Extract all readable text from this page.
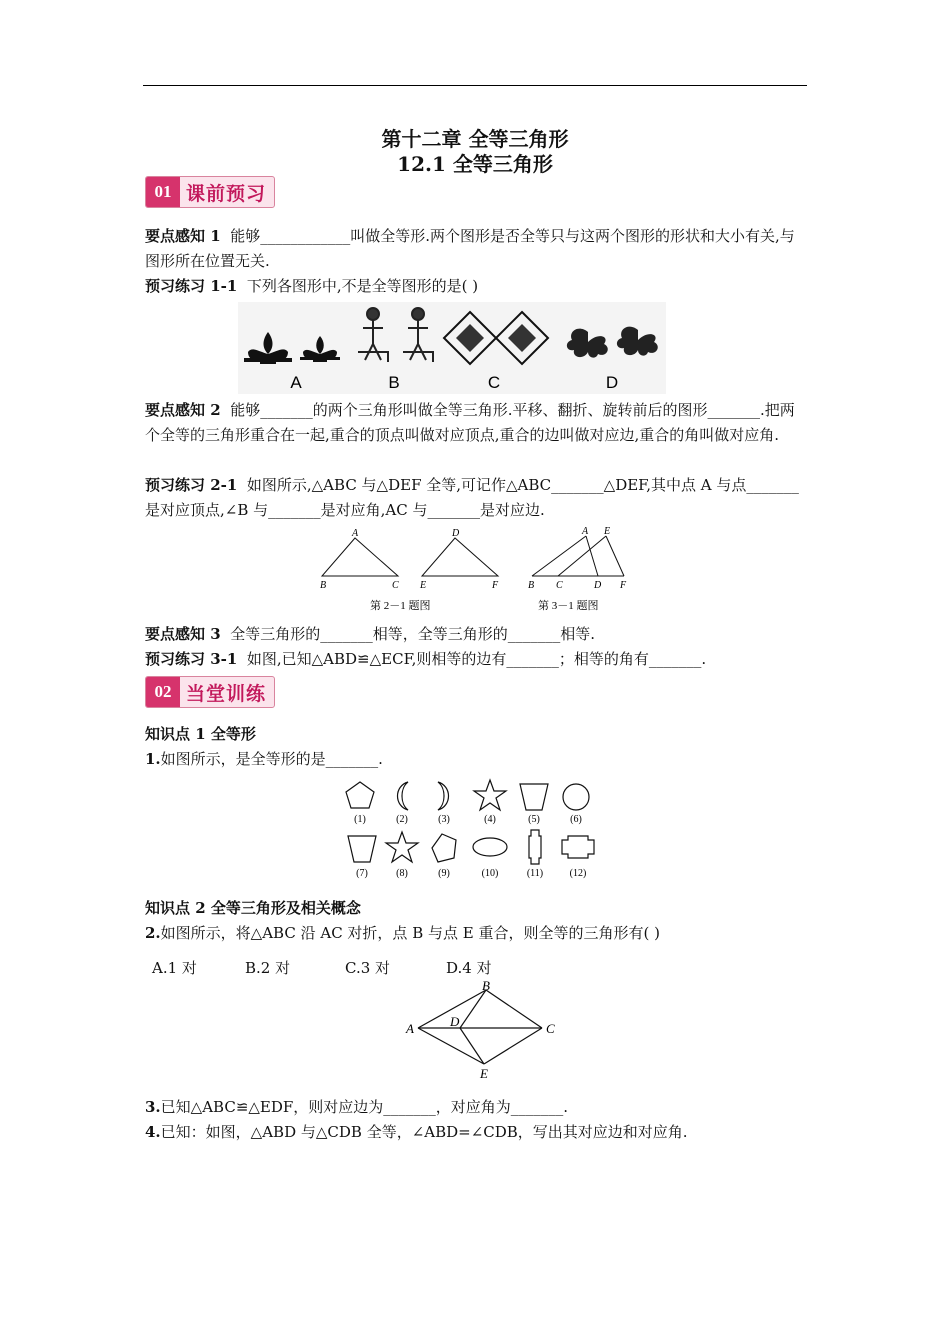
第十二章 全等三角形
12.1 全等三角形
01 课前预习
要点感知 1 能够____________叫做全等形.两个图形是否全等只与这两个图形的形状和大小有关,与图形所在位置无关.
预习练习 1-1 下列各图形中,不是全等图形的是( )
A	B	C	D
要点感知 2 能够_______的两个三角形叫做全等三角形.平移、翻折、旋转前后的图形_______.把两个全等的三角形重合在一起,重合的顶点叫做对应顶点,重合的边叫做对应边,重合的角叫做对应角.
预习练习 2-1 如图所示,△ABC 与△DEF 全等,可记作△ABC_______△DEF,其中点 A 与点_______是对应顶点,∠B 与_______是对应角,AC 与_______是对应边.
A
B	C
D
E	F
A E
B C	D F
第 2－1 题图	第 3－1 题图
要点感知 3 全等三角形的_______相等，全等三角形的_______相等.
预习练习 3-1 如图,已知△ABD≌△ECF,则相等的边有_______；相等的角有_______.
02 当堂训练
知识点 1 全等形
1.如图所示，是全等形的是_______.
(1)	(2)	(3)	(4)	(5)	(6)
(7)	(8)	(9)	(10)	(11)	(12)
知识点 2 全等三角形及相关概念
2.如图所示，将△ABC 沿 AC 对折，点 B 与点 E 重合，则全等的三角形有( )
A.1 对	B.2 对	C.3 对	D.4 对
B
A	D	C
E
3.已知△ABC≌△EDF，则对应边为_______，对应角为_______.
4.已知：如图，△ABD 与△CDB 全等，∠ABD=∠CDB，写出其对应边和对应角.
